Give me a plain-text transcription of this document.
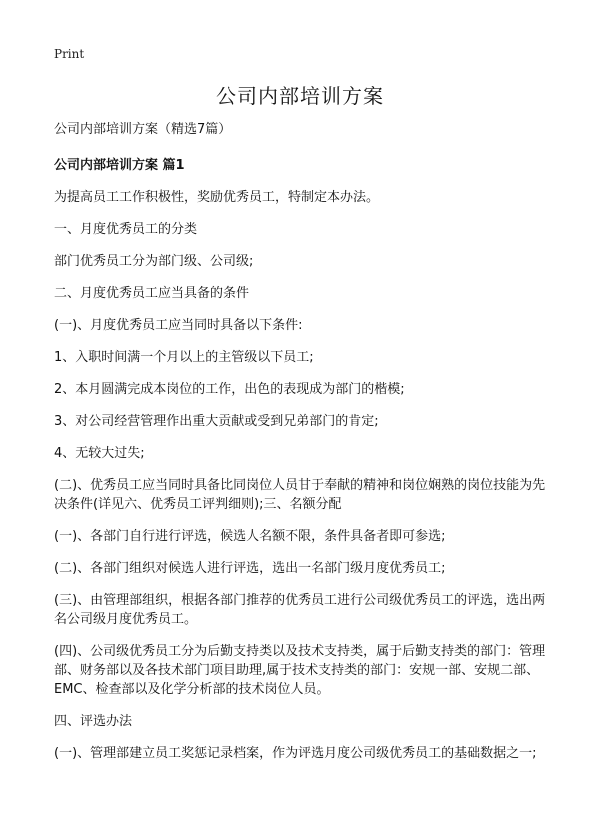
Print
公司内部培训方案

公司内部培训方案（精选7篇）

公司内部培训方案 篇1

为提高员工工作积极性，奖励优秀员工，特制定本办法。

一、月度优秀员工的分类

部门优秀员工分为部门级、公司级;

二、月度优秀员工应当具备的条件

(一)、月度优秀员工应当同时具备以下条件:

1、入职时间满一个月以上的主管级以下员工;

2、本月圆满完成本岗位的工作，出色的表现成为部门的楷模;

3、对公司经营管理作出重大贡献或受到兄弟部门的肯定;

4、无较大过失;

(二)、优秀员工应当同时具备比同岗位人员甘于奉献的精神和岗位娴熟的岗位技能为先决条件(详见六、优秀员工评判细则);三、名额分配

(一)、各部门自行进行评选，候选人名额不限，条件具备者即可参选;

(二)、各部门组织对候选人进行评选，选出一名部门级月度优秀员工;

(三)、由管理部组织，根据各部门推荐的优秀员工进行公司级优秀员工的评选，选出两名公司级月度优秀员工。

(四)、公司级优秀员工分为后勤支持类以及技术支持类，属于后勤支持类的部门：管理部、财务部以及各技术部门项目助理,属于技术支持类的部门：安规一部、安规二部、EMC、检查部以及化学分析部的技术岗位人员。

四、评选办法

(一)、管理部建立员工奖惩记录档案，作为评选月度公司级优秀员工的基础数据之一;
